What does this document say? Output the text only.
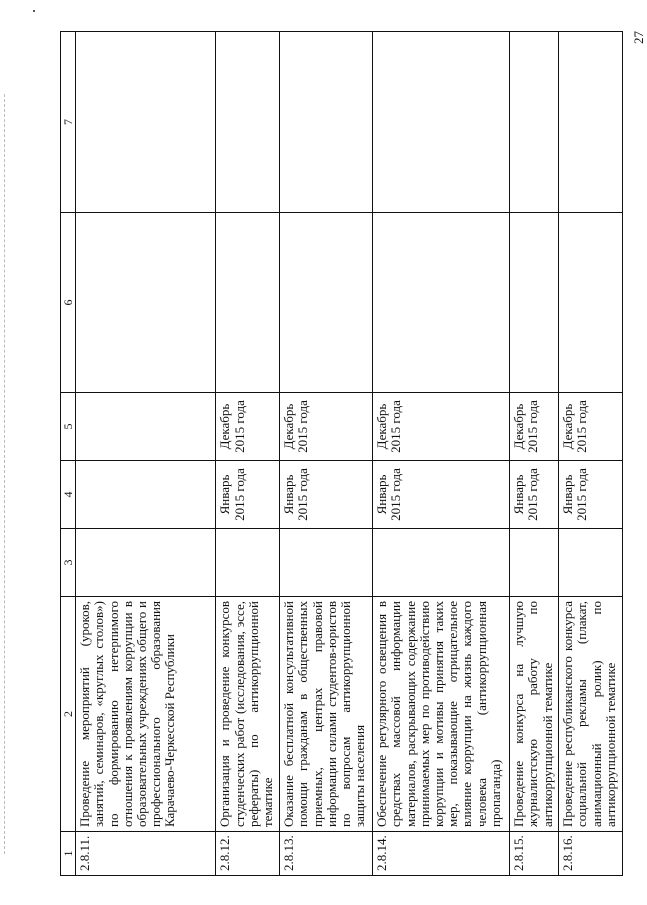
27
1	2	3	4	5	6	7
2.8.11.	Проведение мероприятий (уроков, занятий, семинаров, «круглых столов») по формированию нетерпимого отношения к проявлениям коррупции в образовательных учреждениях общего и профессионального образования Карачаево-Черкесской Республики					
2.8.12.	Организация и проведение конкурсов студенческих работ (исследования, эссе, рефераты) по антикоррупционной тематике		Январь 2015 года	Декабрь 2015 года		
2.8.13.	Оказание бесплатной консультативной помощи гражданам в общественных приемных, центрах правовой информации силами студентов-юристов по вопросам антикоррупционной защиты населения		Январь 2015 года	Декабрь 2015 года		
2.8.14.	Обеспечение регулярного освещения в средствах массовой информации материалов, раскрывающих содержание принимаемых мер по противодействию коррупции и мотивы принятия таких мер, показывающие отрицательное влияние коррупции на жизнь каждого человека (антикоррупционная пропаганда)		Январь 2015 года	Декабрь 2015 года		
2.8.15.	Проведение конкурса на лучшую журналистскую работу по антикоррупционной тематике		Январь 2015 года	Декабрь 2015 года		
2.8.16.	Проведение республиканского конкурса социальной рекламы (плакат, анимационный ролик) по антикоррупционной тематике		Январь 2015 года	Декабрь 2015 года		
